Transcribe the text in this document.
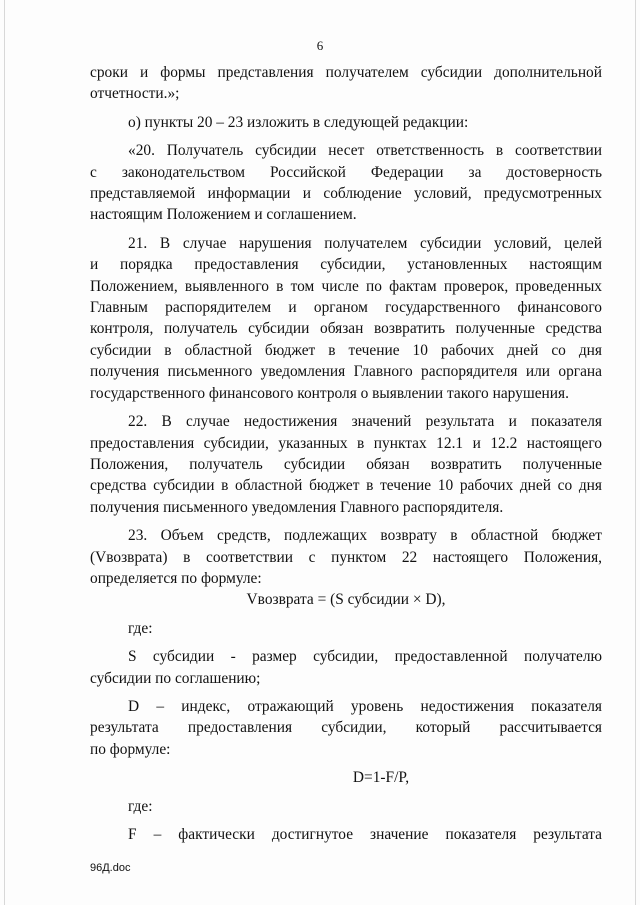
6

сроки и формы представления получателем субсидии дополнительной

отчетности.»;

о) пункты 20 – 23 изложить в следующей редакции:

«20. Получатель субсидии несет ответственность в соответствии

с законодательством Российской Федерации за достоверность

представляемой информации и соблюдение условий, предусмотренных

настоящим Положением и соглашением.

21. В случае нарушения получателем субсидии условий, целей

и порядка предоставления субсидии, установленных настоящим

Положением, выявленного в том числе по фактам проверок, проведенных

Главным распорядителем и органом государственного финансового

контроля, получатель субсидии обязан возвратить полученные средства

субсидии в областной бюджет в течение 10 рабочих дней со дня

получения письменного уведомления Главного распорядителя или органа

государственного финансового контроля о выявлении такого нарушения.

22. В случае недостижения значений результата и показателя

предоставления субсидии, указанных в пунктах 12.1 и 12.2 настоящего

Положения, получатель субсидии обязан возвратить полученные

средства субсидии в областной бюджет в течение 10 рабочих дней со дня

получения письменного уведомления Главного распорядителя.

23. Объем средств, подлежащих возврату в областной бюджет

(Vвозврата) в соответствии с пунктом 22 настоящего Положения,

определяется по формуле:

Vвозврата = (S субсидии × D),

где:

S субсидии - размер субсидии, предоставленной получателю

субсидии по соглашению;

D – индекс, отражающий уровень недостижения показателя

результата предоставления субсидии, который рассчитывается

по формуле:

D=1-F/P,

где:

F – фактически достигнутое значение показателя результата

96Д.doc
